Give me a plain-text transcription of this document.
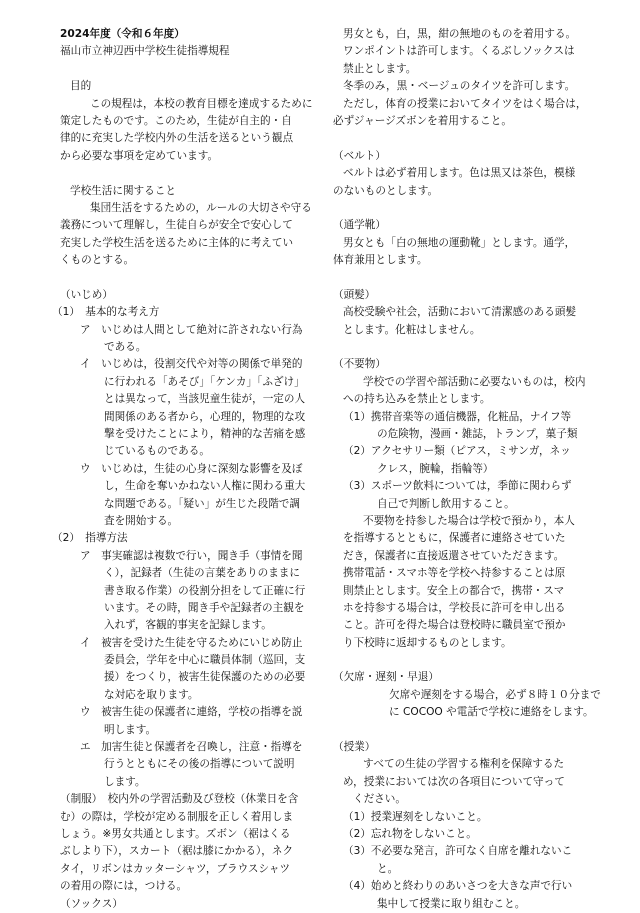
2024年度（令和６年度）
福山市立神辺西中学校生徒指導規程
目的
この規程は，本校の教育目標を達成するために
策定したものです。このため，生徒が自主的・自
律的に充実した学校内外の生活を送るという観点
から必要な事項を定めています。
学校生活に関すること
集団生活をするための，ルールの大切さや守る
義務について理解し，生徒自らが安全で安心して
充実した学校生活を送るために主体的に考えてい
くものとする。
（いじめ）
（1）　基本的な考え方
ア　いじめは人間として絶対に許されない行為
である。
イ　いじめは，役割交代や対等の関係で単発的
に行われる「あそび」「ケンカ」「ふざけ」
とは異なって，当該児童生徒が，一定の人
間関係のある者から，心理的，物理的な攻
撃を受けたことにより，精神的な苦痛を感
じているものである。
ウ　いじめは，生徒の心身に深刻な影響を及ぼ
し，生命を奪いかねない人権に関わる重大
な問題である。「疑い」が生じた段階で調
査を開始する。
（2）　指導方法
ア　事実確認は複数で行い，聞き手（事情を聞
く），記録者（生徒の言葉をありのままに
書き取る作業）の役割分担をして正確に行
います。その時，聞き手や記録者の主観を
入れず，客観的事実を記録します。
イ　被害を受けた生徒を守るためにいじめ防止
委員会，学年を中心に職員体制（巡回，支
援）をつくり，被害生徒保護のための必要
な対応を取ります。
ウ　被害生徒の保護者に連絡，学校の指導を説
明します。
エ　加害生徒と保護者を召喚し，注意・指導を
行うとともにその後の指導について説明
します。
（制服）　校内外の学習活動及び登校（休業日を含
む）の際は，学校が定める制服を正しく着用しま
しょう。※男女共通とします。ズボン（裾はくる
ぶしより下），スカート（裾は膝にかかる），ネク
タイ，リボンはカッターシャツ，ブラウスシャツ
の着用の際には，つける。
（ソックス）
男女とも，白，黒，紺の無地のものを着用する。
ワンポイントは許可します。くるぶしソックスは
禁止とします。
冬季のみ，黒・ベージュのタイツを許可します。
ただし，体育の授業においてタイツをはく場合は，
必ずジャージズボンを着用すること。
（ベルト）
ベルトは必ず着用します。色は黒又は茶色，模様
のないものとします。
（通学靴）
男女とも「白の無地の運動靴」とします。通学，
体育兼用とします。
（頭髪）
高校受験や社会，活動において清潔感のある頭髪
とします。化粧はしません。
（不要物）
学校での学習や部活動に必要ないものは，校内
への持ち込みを禁止とします。
（1）携帯音楽等の通信機器，化粧品，ナイフ等
の危険物，漫画・雑誌，トランプ，菓子類
（2）アクセサリー類（ピアス，ミサンガ，ネッ
クレス，腕輪，指輪等）
（3）スポーツ飲料については，季節に関わらず
自己で判断し飲用すること。
不要物を持参した場合は学校で預かり，本人
を指導するとともに，保護者に連絡させていた
だき，保護者に直接返還させていただきます。
携帯電話・スマホ等を学校へ持参することは原
則禁止とします。安全上の都合で，携帯・スマ
ホを持参する場合は，学校長に許可を申し出る
こと。許可を得た場合は登校時に職員室で預か
り下校時に返却するものとします。
（欠席・遅刻・早退）
欠席や遅刻をする場合，必ず８時１０分まで
に COCOO や電話で学校に連絡をします。
（授業）
すべての生徒の学習する権利を保障するた
め，授業においては次の各項目について守って
ください。
（1）授業遅刻をしないこと。
（2）忘れ物をしないこと。
（3）不必要な発言，許可なく自席を離れないこ
と。
（4）始めと終わりのあいさつを大きな声で行い
集中して授業に取り組むこと。
